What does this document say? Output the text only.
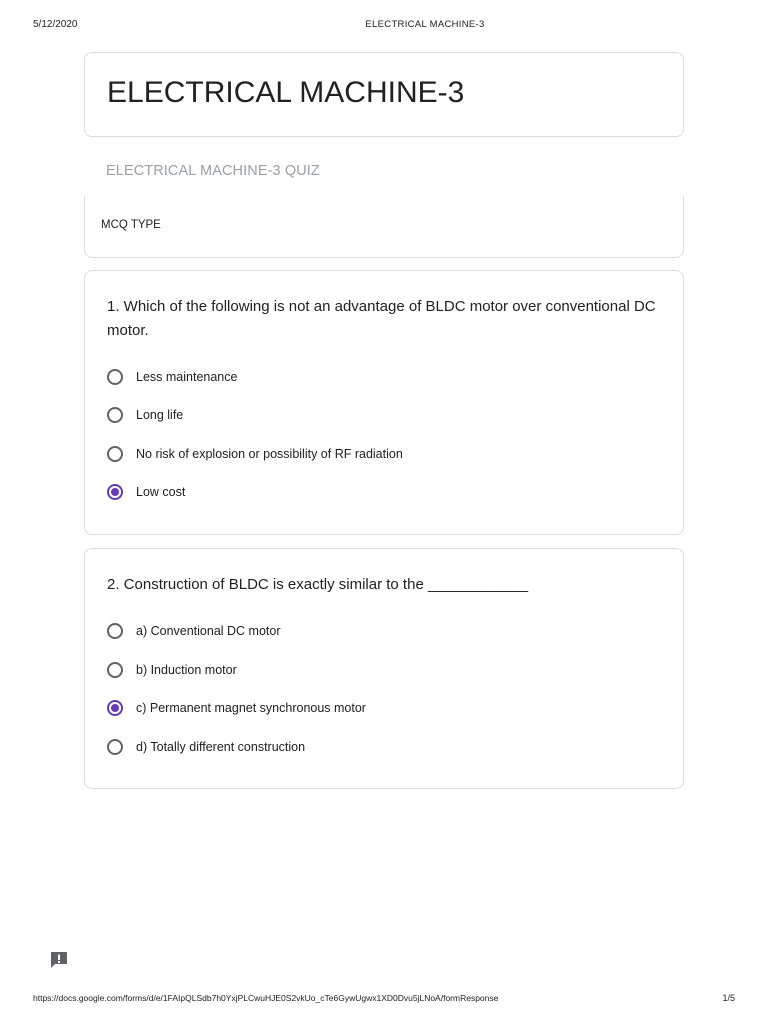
5/12/2020	ELECTRICAL MACHINE-3
ELECTRICAL MACHINE-3
ELECTRICAL MACHINE-3 QUIZ
MCQ TYPE
1. Which of the following is not an advantage of BLDC motor over conventional DC motor.
Less maintenance
Long life
No risk of explosion or possibility of RF radiation
Low cost
2. Construction of BLDC is exactly similar to the ____________
a) Conventional DC motor
b) Induction motor
c) Permanent magnet synchronous motor
d) Totally different construction
https://docs.google.com/forms/d/e/1FAIpQLSdb7h0YxjPLCwuHJE0S2vkUo_cTe6GywUgwx1XD0Dvu5jLNoA/formResponse	1/5
